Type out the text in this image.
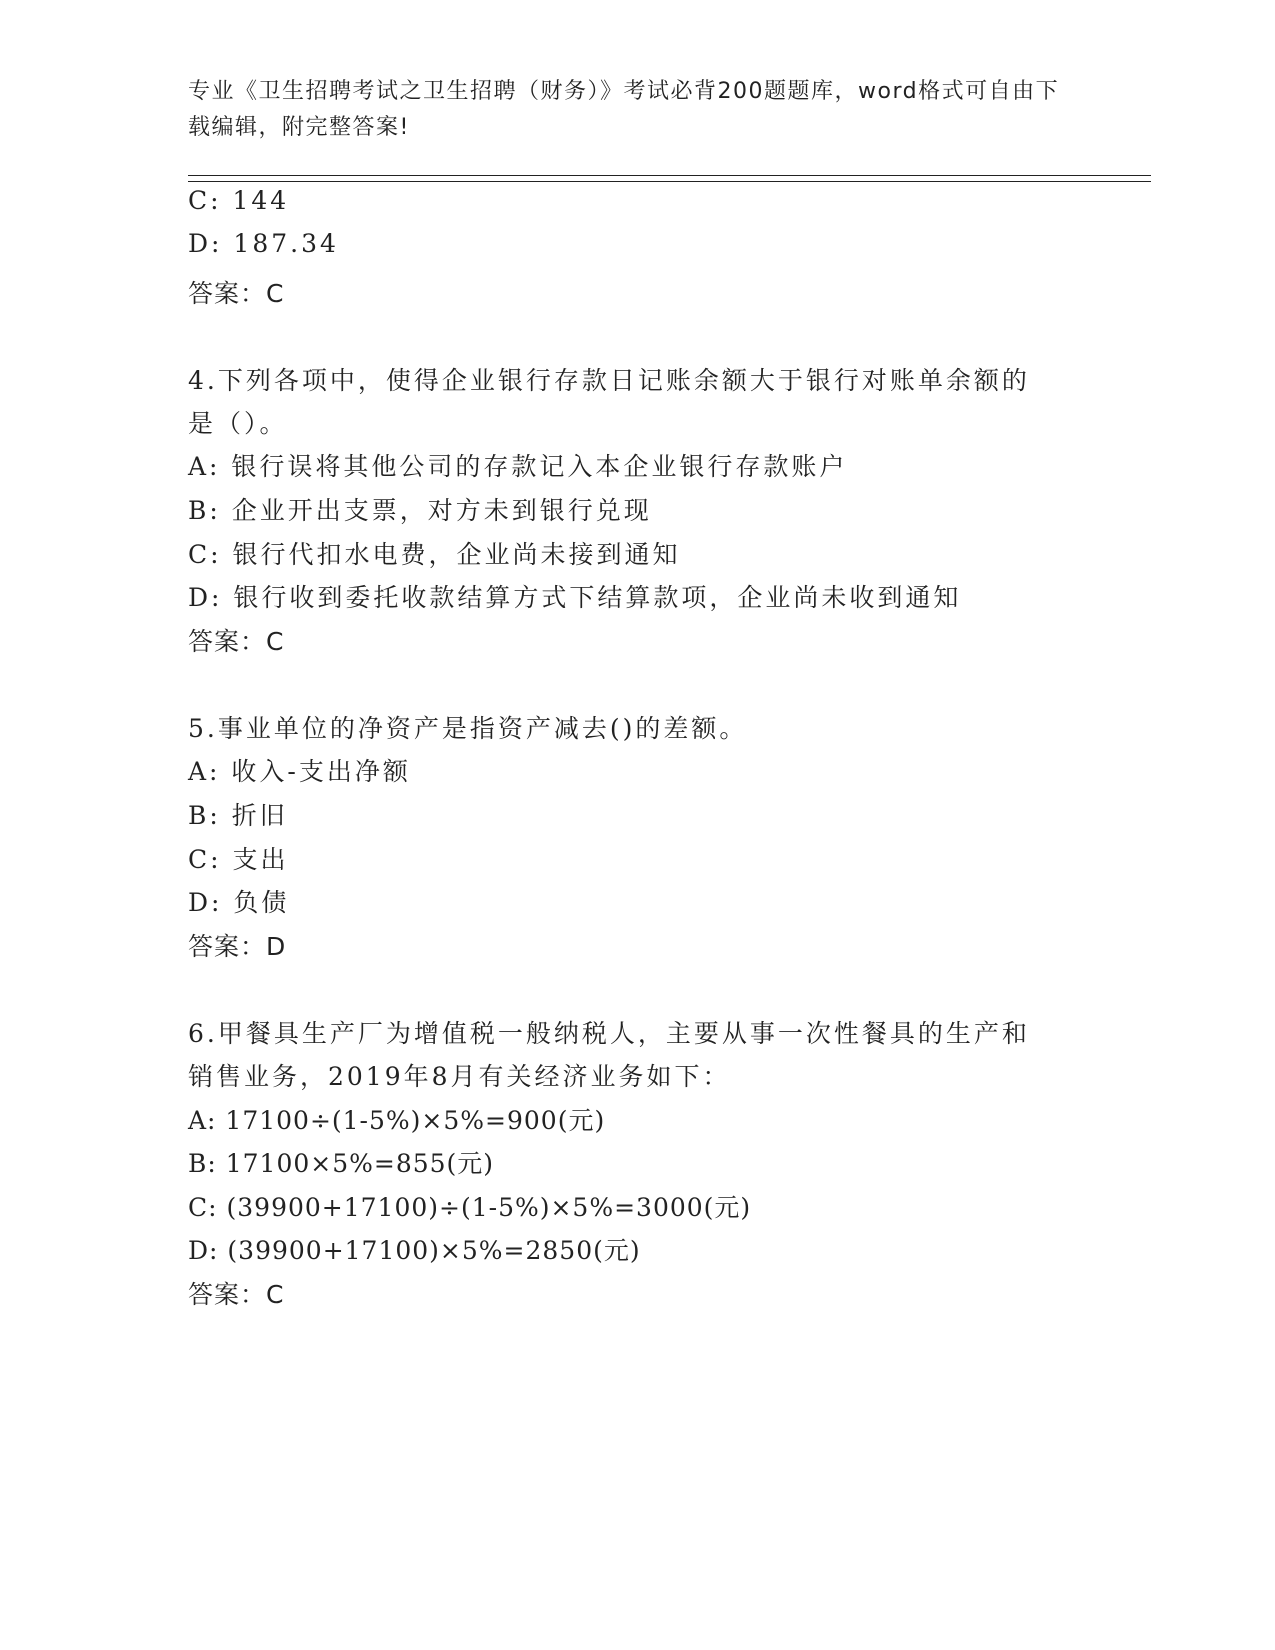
专业《卫生招聘考试之卫生招聘（财务）》考试必背200题题库，word格式可自由下载编辑，附完整答案!
C: 144
D: 187.34
答案：C
4.下列各项中，使得企业银行存款日记账余额大于银行对账单余额的
是（）。
A: 银行误将其他公司的存款记入本企业银行存款账户
B: 企业开出支票，对方未到银行兑现
C: 银行代扣水电费，企业尚未接到通知
D: 银行收到委托收款结算方式下结算款项，企业尚未收到通知
答案：C
5.事业单位的净资产是指资产减去()的差额。
A: 收入-支出净额
B: 折旧
C: 支出
D: 负债
答案：D
6.甲餐具生产厂为增值税一般纳税人，主要从事一次性餐具的生产和
销售业务，2019年8月有关经济业务如下：
A: 17100÷(1-5%)×5%=900(元)
B: 17100×5%=855(元)
C: (39900+17100)÷(1-5%)×5%=3000(元)
D: (39900+17100)×5%=2850(元)
答案：C
